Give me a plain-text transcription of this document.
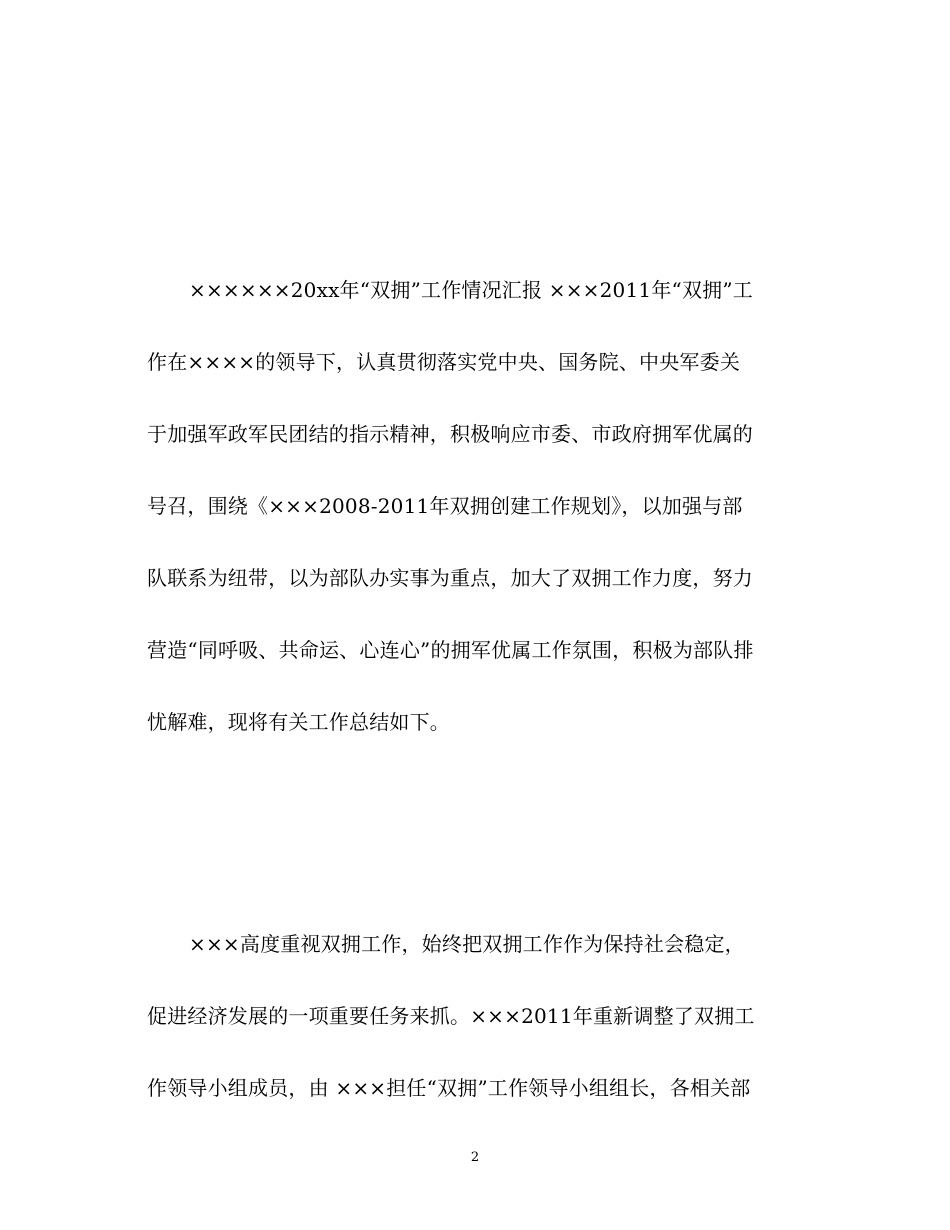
××××××20xx年“双拥”工作情况汇报 ×××2011年“双拥”工
作在××××的领导下，认真贯彻落实党中央、国务院、中央军委关
于加强军政军民团结的指示精神，积极响应市委、市政府拥军优属的
号召，围绕《×××2008-2011年双拥创建工作规划》，以加强与部
队联系为纽带，以为部队办实事为重点，加大了双拥工作力度，努力
营造“同呼吸、共命运、心连心”的拥军优属工作氛围，积极为部队排
忧解难，现将有关工作总结如下。
×××高度重视双拥工作，始终把双拥工作作为保持社会稳定，
促进经济发展的一项重要任务来抓。×××2011年重新调整了双拥工
作领导小组成员，由 ×××担任“双拥”工作领导小组组长，各相关部
2
